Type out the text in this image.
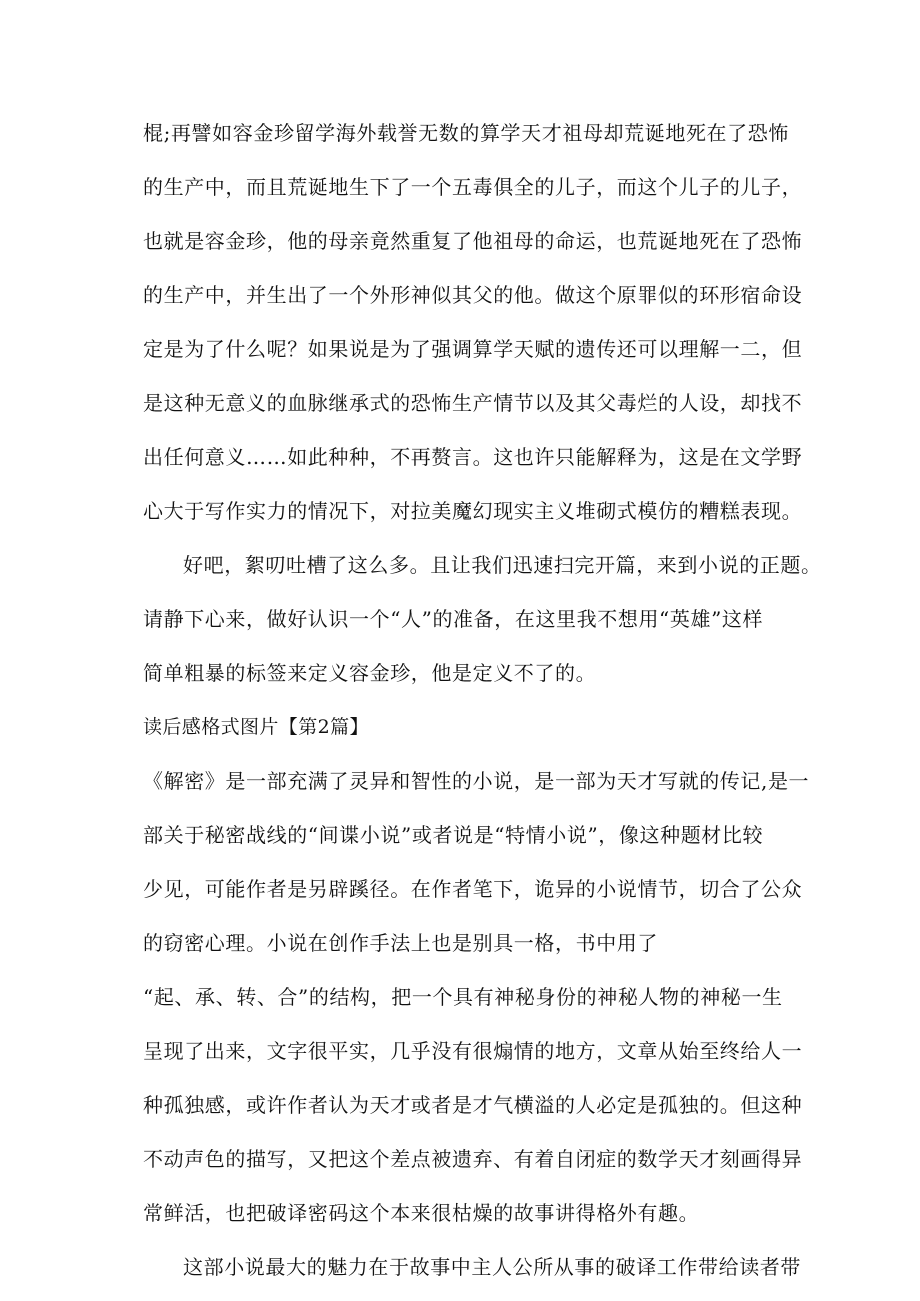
棍;再譬如容金珍留学海外载誉无数的算学天才祖母却荒诞地死在了恐怖
的生产中，而且荒诞地生下了一个五毒俱全的儿子，而这个儿子的儿子，
也就是容金珍，他的母亲竟然重复了他祖母的命运，也荒诞地死在了恐怖
的生产中，并生出了一个外形神似其父的他。做这个原罪似的环形宿命设
定是为了什么呢？如果说是为了强调算学天赋的遗传还可以理解一二，但
是这种无意义的血脉继承式的恐怖生产情节以及其父毒烂的人设，却找不
出任何意义……如此种种，不再赘言。这也许只能解释为，这是在文学野
心大于写作实力的情况下，对拉美魔幻现实主义堆砌式模仿的糟糕表现。
好吧，絮叨吐槽了这么多。且让我们迅速扫完开篇，来到小说的正题。
请静下心来，做好认识一个“人”的准备，在这里我不想用“英雄”这样
简单粗暴的标签来定义容金珍，他是定义不了的。
读后感格式图片【第2篇】
《解密》是一部充满了灵异和智性的小说，是一部为天才写就的传记,是一
部关于秘密战线的“间谍小说”或者说是“特情小说”，像这种题材比较
少见，可能作者是另辟蹊径。在作者笔下，诡异的小说情节，切合了公众
的窃密心理。小说在创作手法上也是别具一格，书中用了
“起、承、转、合”的结构，把一个具有神秘身份的神秘人物的神秘一生
呈现了出来，文字很平实，几乎没有很煽情的地方，文章从始至终给人一
种孤独感，或许作者认为天才或者是才气横溢的人必定是孤独的。但这种
不动声色的描写，又把这个差点被遗弃、有着自闭症的数学天才刻画得异
常鲜活，也把破译密码这个本来很枯燥的故事讲得格外有趣。
这部小说最大的魅力在于故事中主人公所从事的破译工作带给读者带
